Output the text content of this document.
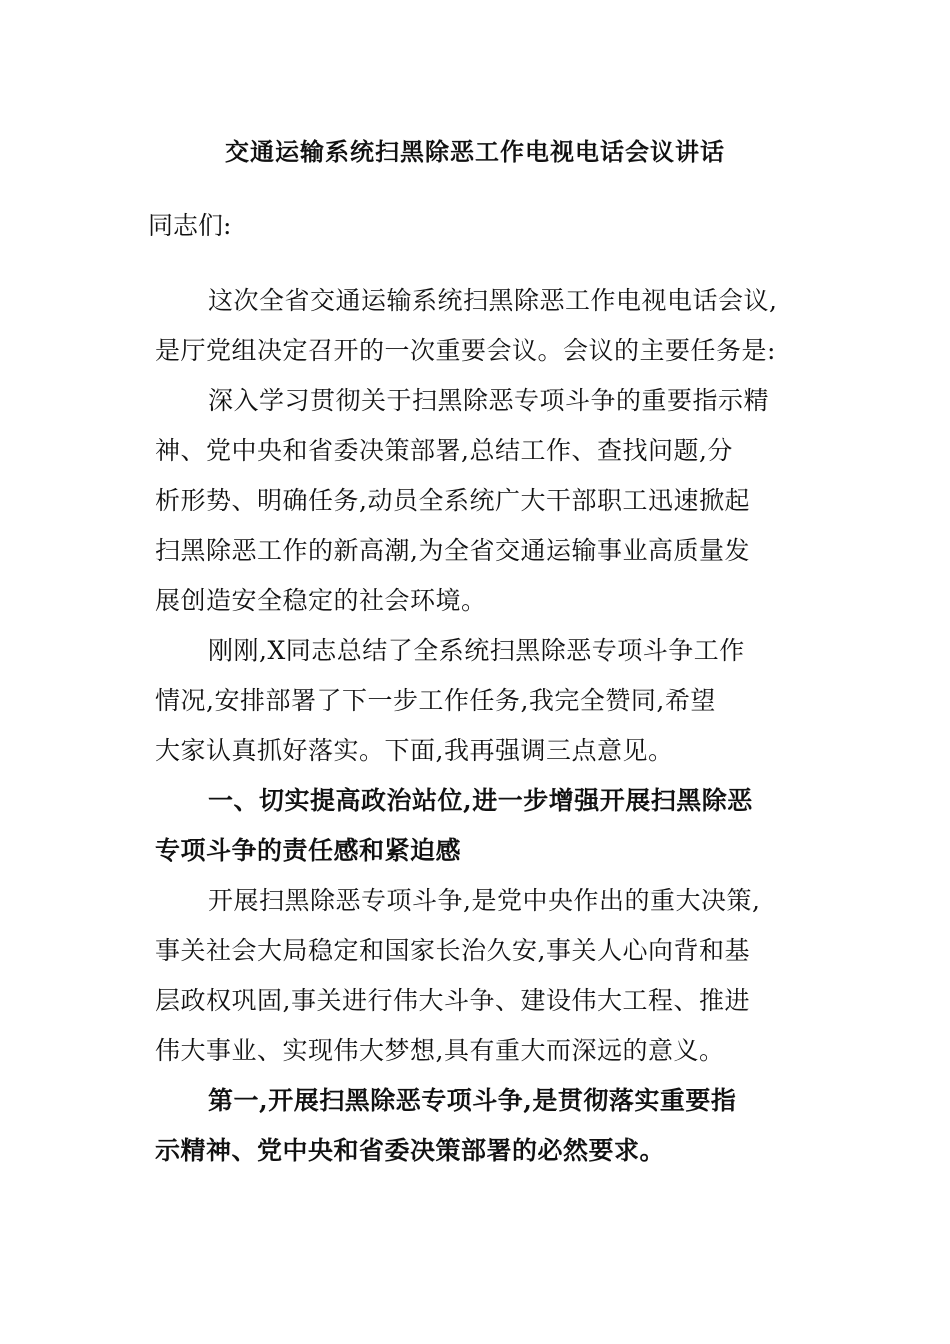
交通运输系统扫黑除恶工作电视电话会议讲话

同志们:

这次全省交通运输系统扫黑除恶工作电视电话会议,
是厅党组决定召开的一次重要会议。会议的主要任务是:
深入学习贯彻关于扫黑除恶专项斗争的重要指示精
神、党中央和省委决策部署,总结工作、查找问题,分
析形势、明确任务,动员全系统广大干部职工迅速掀起
扫黑除恶工作的新高潮,为全省交通运输事业高质量发
展创造安全稳定的社会环境。
刚刚,X同志总结了全系统扫黑除恶专项斗争工作
情况,安排部署了下一步工作任务,我完全赞同,希望
大家认真抓好落实。下面,我再强调三点意见。
一、切实提高政治站位,进一步增强开展扫黑除恶
专项斗争的责任感和紧迫感
开展扫黑除恶专项斗争,是党中央作出的重大决策,
事关社会大局稳定和国家长治久安,事关人心向背和基
层政权巩固,事关进行伟大斗争、建设伟大工程、推进
伟大事业、实现伟大梦想,具有重大而深远的意义。
第一,开展扫黑除恶专项斗争,是贯彻落实重要指
示精神、党中央和省委决策部署的必然要求。
